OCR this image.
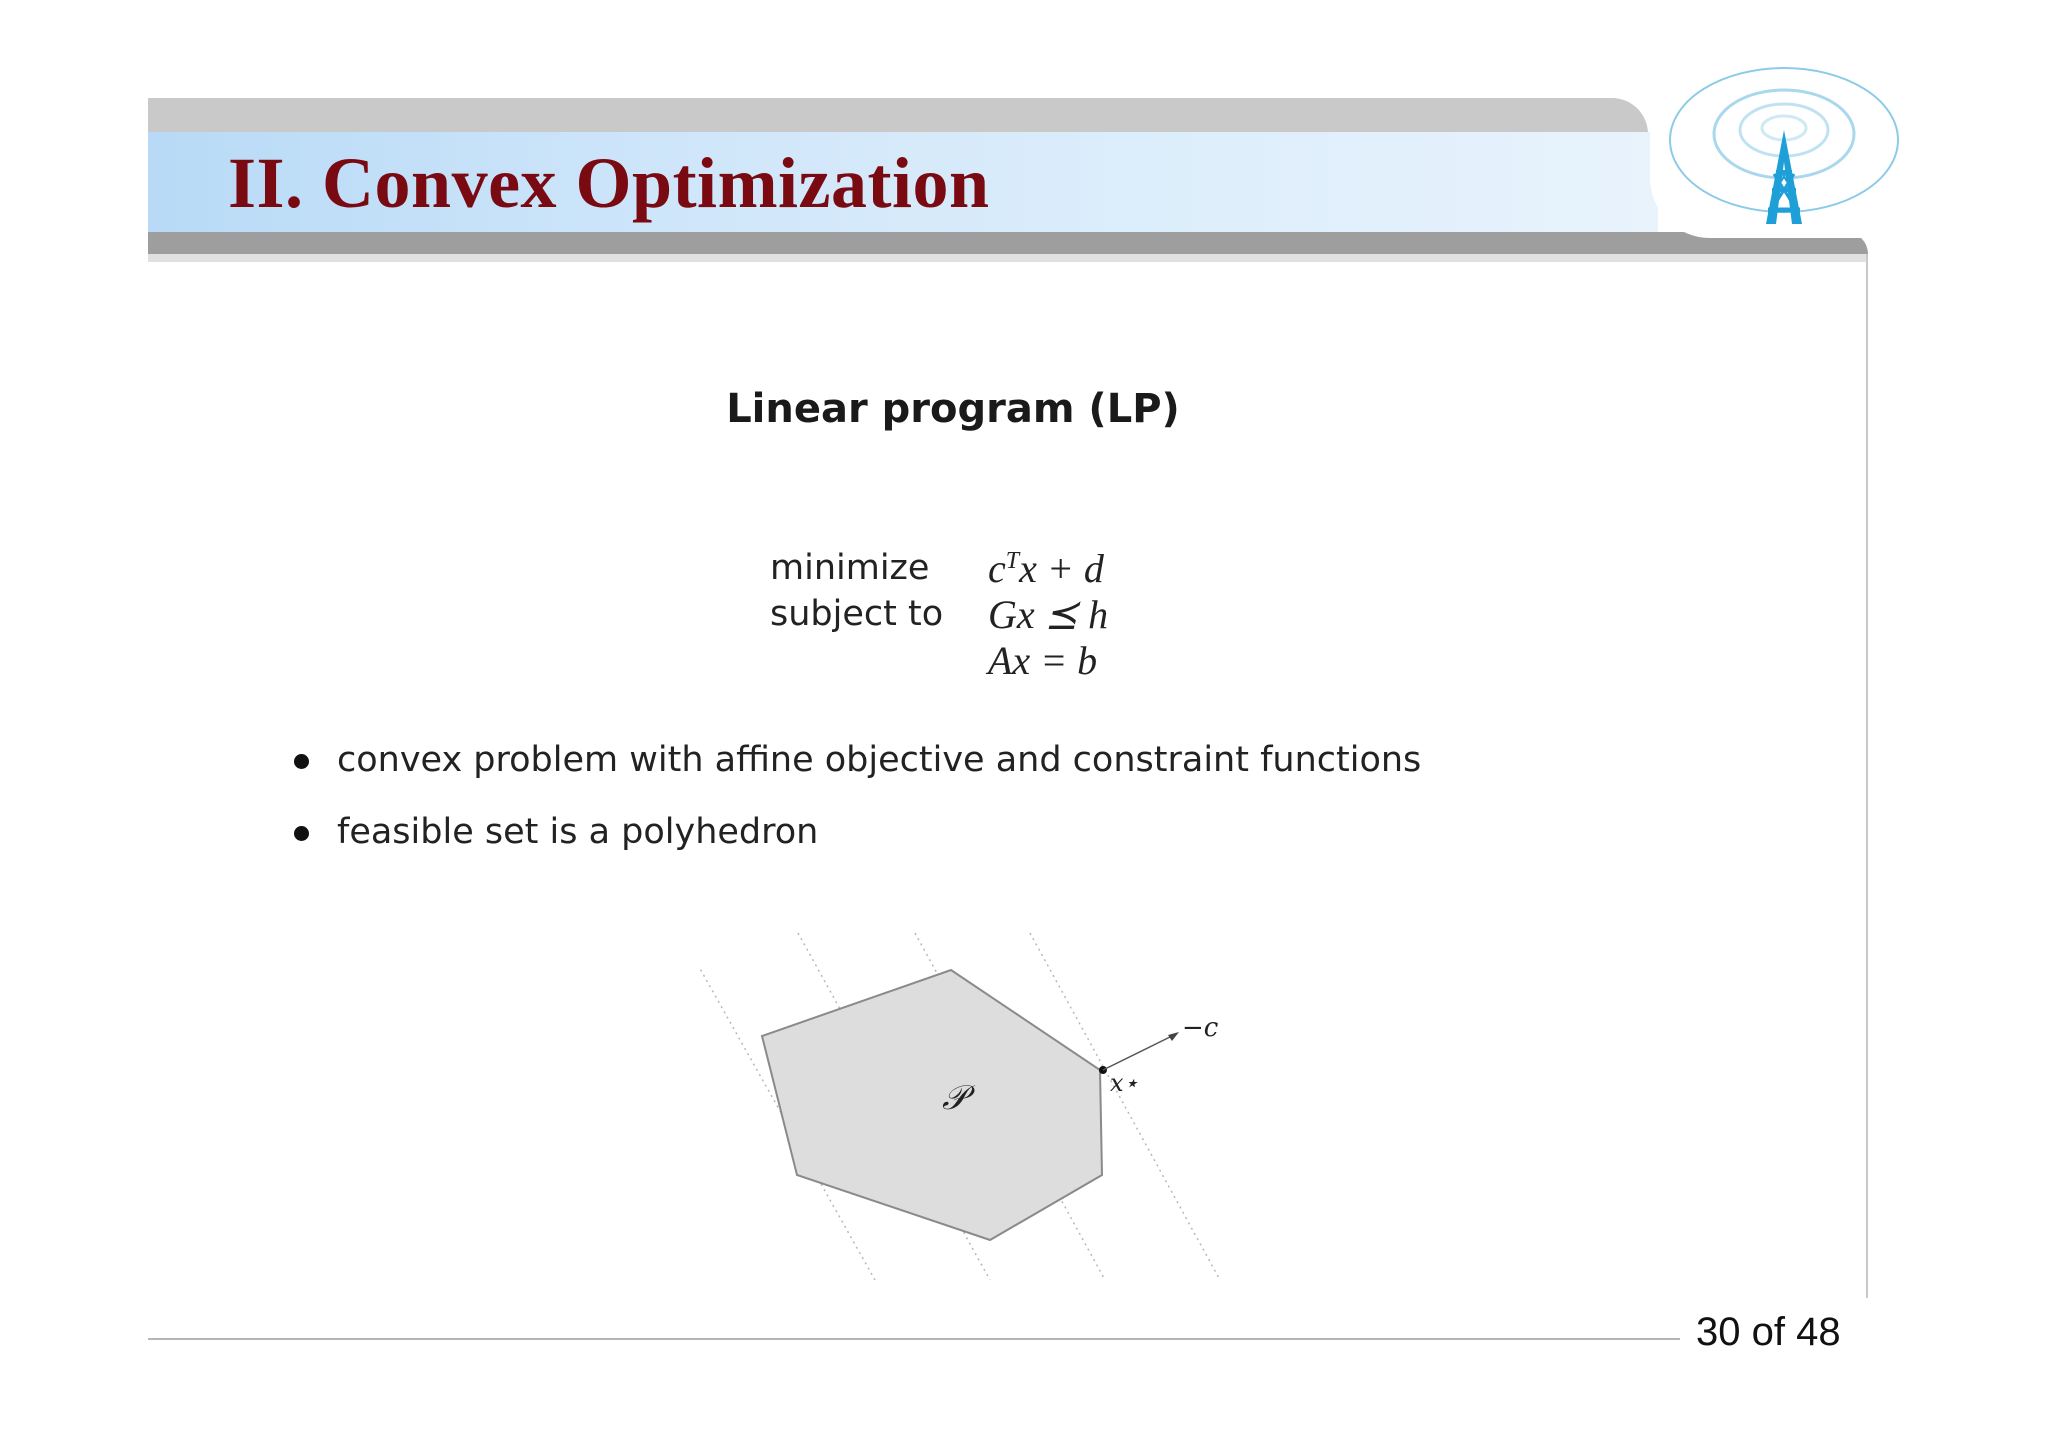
II. Convex Optimization
Linear program (LP)
minimize	$c^Tx + d$
subject to	Gx ⪯ h
Ax = b
convex problem with affine objective and constraint functions
feasible set is a polyhedron
𝒫	x⋆
−c
30 of 48
